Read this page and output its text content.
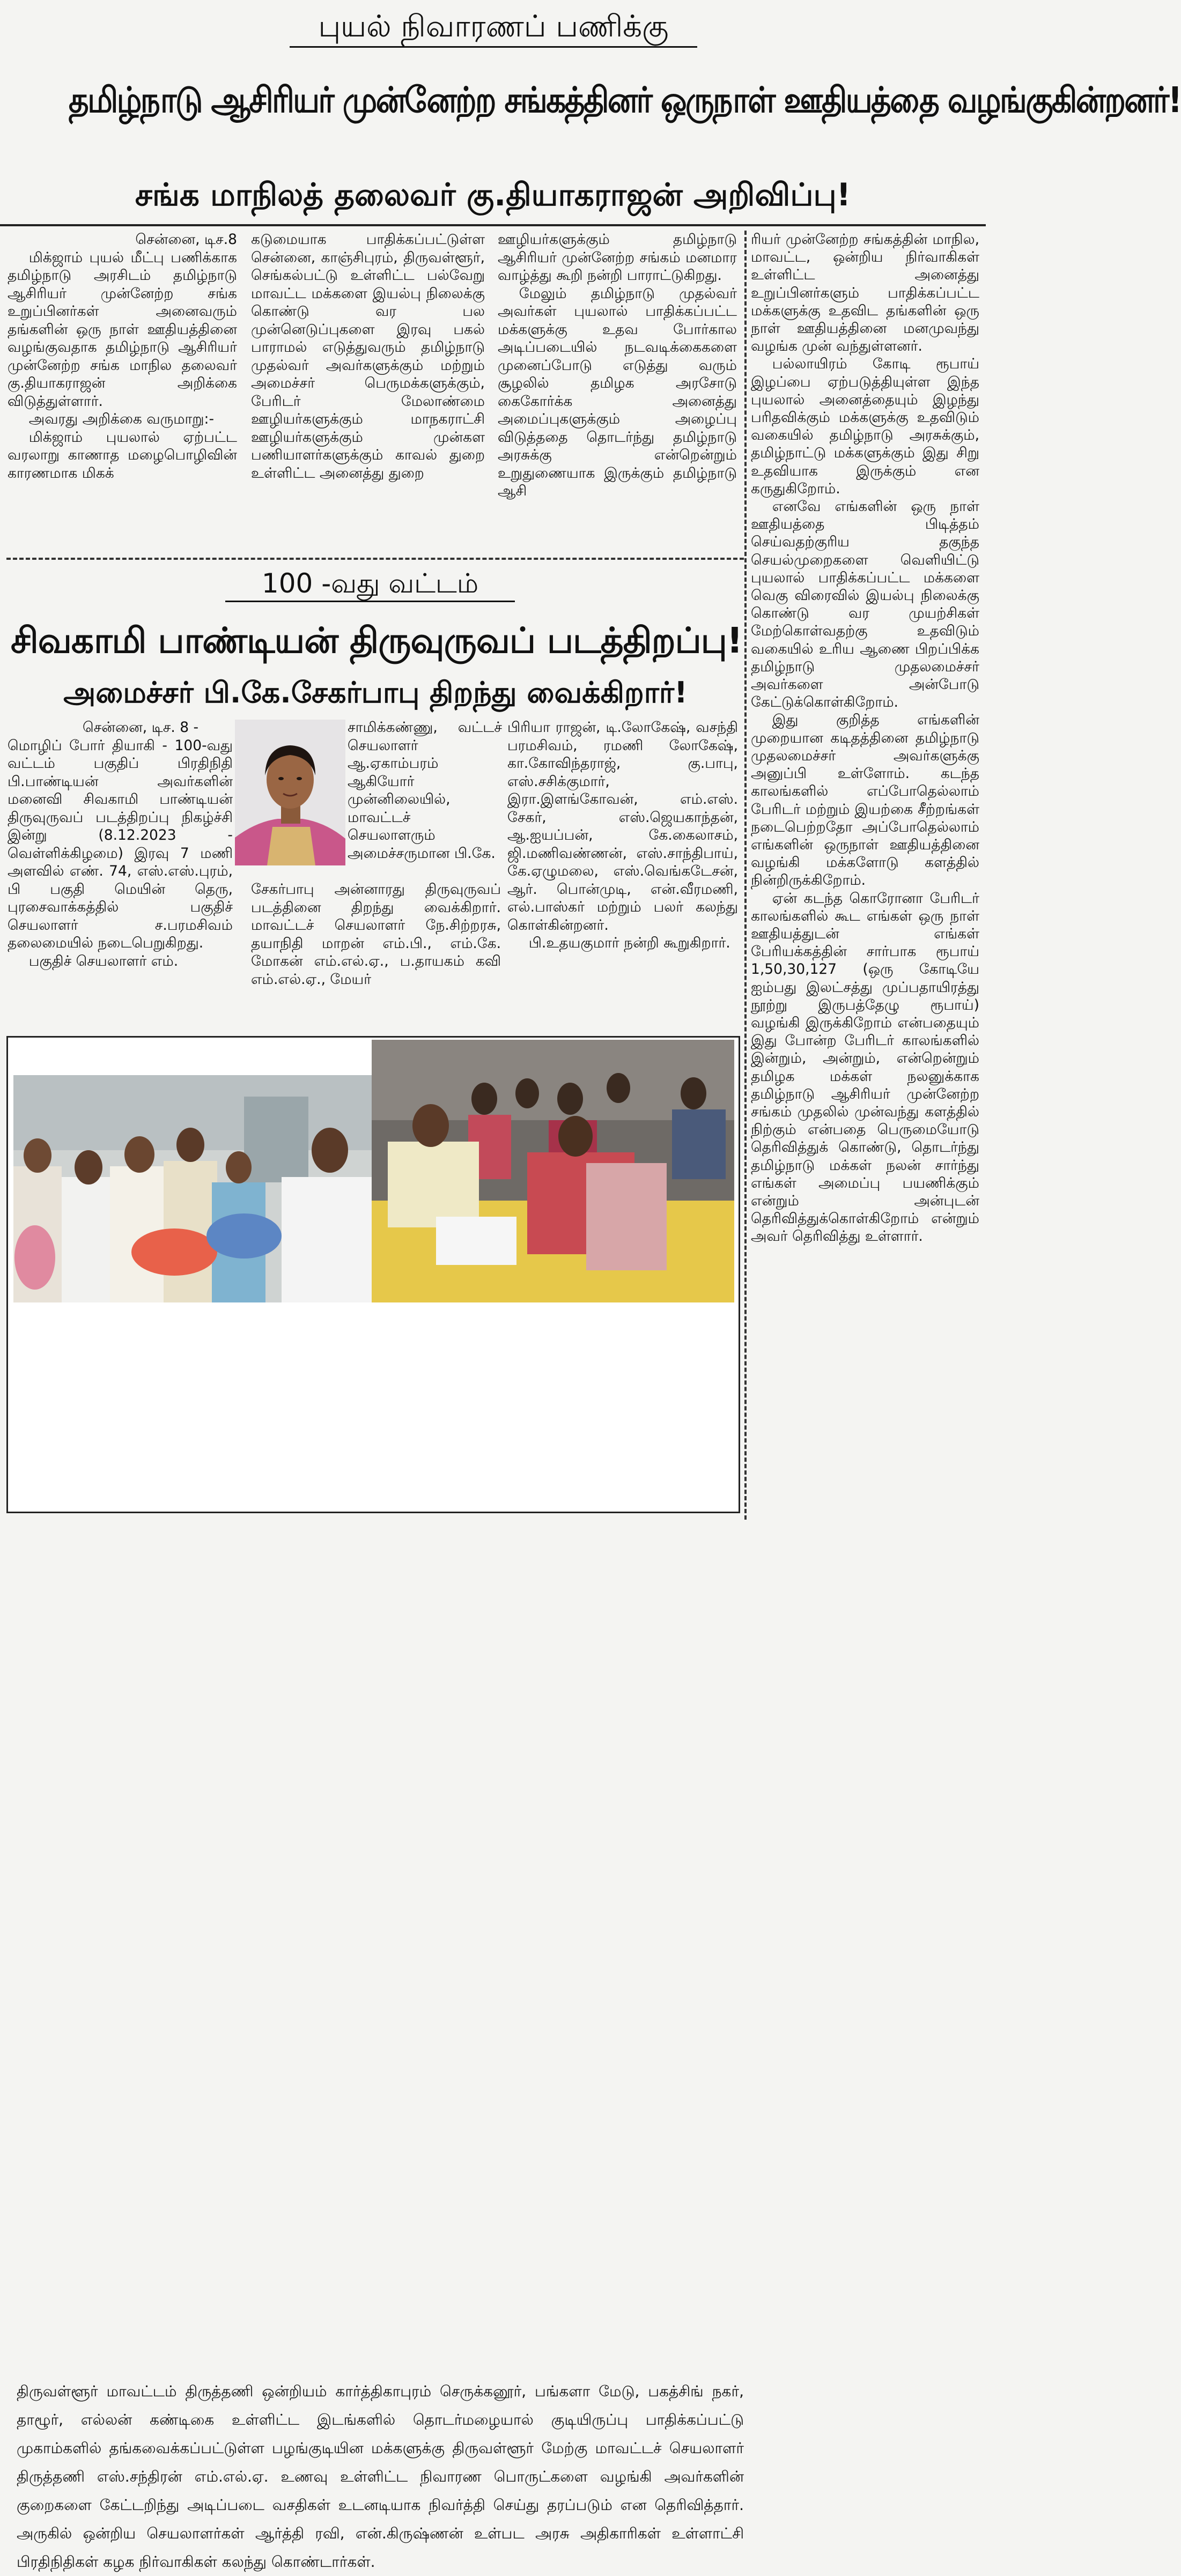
புயல் நிவாரணப் பணிக்கு
தமிழ்நாடு ஆசிரியர் முன்னேற்ற சங்கத்தினர் ஒருநாள் ஊதியத்தை வழங்குகின்றனர்!
சங்க மாநிலத் தலைவர் கு.தியாகராஜன் அறிவிப்பு!

சென்னை, டிச.8

மிக்ஜாம் புயல் மீட்பு பணிக்காக தமிழ்நாடு அரசிடம் தமிழ்நாடு ஆசிரியர் முன்னேற்ற சங்க உறுப்பினர்கள் அனைவரும் தங்களின் ஒரு நாள் ஊதியத்தினை வழங்குவதாக தமிழ்நாடு ஆசிரியர் முன்னேற்ற சங்க மாநில தலைவர் கு.தியாகராஜன் அறிக்கை விடுத்துள்ளார்.

அவரது அறிக்கை வருமாறு:-

மிக்ஜாம் புயலால் ஏற்பட்ட வரலாறு காணாத மழைபொழிவின் காரணமாக மிகக்

கடுமையாக பாதிக்கப்பட்டுள்ள சென்னை, காஞ்சிபுரம், திருவள்ளூர், செங்கல்பட்டு உள்ளிட்ட பல்வேறு மாவட்ட மக்களை இயல்பு நிலைக்கு கொண்டு வர பல முன்னெடுப்புகளை இரவு பகல் பாராமல் எடுத்துவரும் தமிழ்நாடு முதல்வர் அவர்களுக்கும் மற்றும் அமைச்சர் பெருமக்களுக்கும், பேரிடர் மேலாண்மை ஊழியர்களுக்கும் மாநகராட்சி ஊழியர்களுக்கும் முன்கள பணியாளர்களுக்கும் காவல் துறை உள்ளிட்ட அனைத்து துறை

ஊழியர்களுக்கும் தமிழ்நாடு ஆசிரியர் முன்னேற்ற சங்கம் மனமார வாழ்த்து கூறி நன்றி பாராட்டுகிறது.

மேலும் தமிழ்நாடு முதல்வர் அவர்கள் புயலால் பாதிக்கப்பட்ட மக்களுக்கு உதவ போர்கால அடிப்படையில் நடவடிக்கைகளை முனைப்போடு எடுத்து வரும் சூழலில் தமிழக அரசோடு கைகோர்க்க அனைத்து அமைப்புகளுக்கும் அழைப்பு விடுத்ததை தொடர்ந்து தமிழ்நாடு அரசுக்கு என்றென்றும் உறுதுணையாக இருக்கும் தமிழ்நாடு ஆசி

ரியர் முன்னேற்ற சங்கத்தின் மாநில, மாவட்ட, ஒன்றிய நிர்வாகிகள் உள்ளிட்ட அனைத்து உறுப்பினர்களும் பாதிக்கப்பட்ட மக்களுக்கு உதவிட தங்களின் ஒரு நாள் ஊதியத்தினை மனமுவந்து வழங்க முன் வந்துள்ளனர்.

பல்லாயிரம் கோடி ரூபாய் இழப்பை ஏற்படுத்தியுள்ள இந்த புயலால் அனைத்தையும் இழந்து பரிதவிக்கும் மக்களுக்கு உதவிடும் வகையில் தமிழ்நாடு அரசுக்கும், தமிழ்நாட்டு மக்களுக்கும் இது சிறு உதவியாக இருக்கும் என கருதுகிறோம்.

எனவே எங்களின் ஒரு நாள் ஊதியத்தை பிடித்தம் செய்வதற்குரிய தகுந்த செயல்முறைகளை வெளியிட்டு புயலால் பாதிக்கப்பட்ட மக்களை வெகு விரைவில் இயல்பு நிலைக்கு கொண்டு வர முயற்சிகள் மேற்கொள்வதற்கு உதவிடும் வகையில் உரிய ஆணை பிறப்பிக்க தமிழ்நாடு முதலமைச்சர் அவர்களை அன்போடு கேட்டுக்கொள்கிறோம்.

இது குறித்த எங்களின் முறையான கடிதத்தினை தமிழ்நாடு முதலமைச்சர் அவர்களுக்கு அனுப்பி உள்ளோம். கடந்த காலங்களில் எப்போதெல்லாம் பேரிடர் மற்றும் இயற்கை சீற்றங்கள் நடைபெற்றதோ அப்போதெல்லாம் எங்களின் ஒருநாள் ஊதியத்தினை வழங்கி மக்களோடு களத்தில் நின்றிருக்கிறோம்.

ஏன் கடந்த கொரோனா பேரிடர் காலங்களில் கூட எங்கள் ஒரு நாள் ஊதியத்துடன் எங்கள் பேரியக்கத்தின் சார்பாக ரூபாய் 1,50,30,127 (ஒரு கோடியே ஐம்பது இலட்சத்து முப்பதாயிரத்து நூற்று இருபத்தேழு ரூபாய்) வழங்கி இருக்கிறோம் என்பதையும் இது போன்ற பேரிடர் காலங்களில் இன்றும், அன்றும், என்றென்றும் தமிழக மக்கள் நலனுக்காக தமிழ்நாடு ஆசிரியர் முன்னேற்ற சங்கம் முதலில் முன்வந்து களத்தில் நிற்கும் என்பதை பெருமையோடு தெரிவித்துக் கொண்டு, தொடர்ந்து தமிழ்நாடு மக்கள் நலன் சார்ந்து எங்கள் அமைப்பு பயணிக்கும் என்றும் அன்புடன் தெரிவித்துக்கொள்கிறோம் என்றும் அவர் தெரிவித்து உள்ளார்.

100 -வது வட்டம்
சிவகாமி பாண்டியன் திருவுருவப் படத்திறப்பு!
அமைச்சர் பி.கே.சேகர்பாபு திறந்து வைக்கிறார்!

சென்னை, டிச. 8 -

மொழிப் போர் தியாகி - 100-வது வட்டம் பகுதிப் பிரதிநிதி பி.பாண்டியன் அவர்களின் மனைவி சிவகாமி பாண்டியன் திருவுருவப் படத்திறப்பு நிகழ்ச்சி இன்று (8.12.2023 - வெள்ளிக்கிழமை) இரவு 7 மணி அளவில் எண். 74, எஸ்.எஸ்.புரம், பி பகுதி மெயின் தெரு, புரசைவாக்கத்தில் பகுதிச் செயலாளர் ச.பரமசிவம் தலைமையில் நடைபெறுகிறது.

பகுதிச் செயலாளர் எம்.

சாமிக்கண்ணு, வட்டச் செயலாளர் ஆ.ஏகாம்பரம் ஆகியோர் முன்னிலையில், மாவட்டச் செயலாளரும் அமைச்சருமான பி.கே.

சேகர்பாபு அன்னாரது திருவுருவப் படத்தினை திறந்து வைக்கிறார். மாவட்டச் செயலாளர் நே.சிற்றரசு, தயாநிதி மாறன் எம்.பி., எம்.கே. மோகன் எம்.எல்.ஏ., ப.தாயகம் கவி எம்.எல்.ஏ., மேயர்

பிரியா ராஜன், டி.லோகேஷ், வசந்தி பரமசிவம், ரமணி லோகேஷ், கா.கோவிந்தராஜ், கு.பாபு, எஸ்.சசிக்குமார், இரா.இளங்கோவன், எம்.எஸ். சேகர், எஸ்.ஜெயகாந்தன், ஆ.ஐயப்பன், கே.கைலாசம், ஜி.மணிவண்ணன், எஸ்.சாந்திபாய், கே.ஏழுமலை, எஸ்.வெங்கடேசன், ஆர். பொன்முடி, என்.வீரமணி, எல்.பாஸ்கர் மற்றும் பலர் கலந்து கொள்கின்றனர்.

பி.உதயகுமார் நன்றி கூறுகிறார்.

திருவள்ளூர் மாவட்டம் திருத்தணி ஒன்றியம் கார்த்திகாபுரம் செருக்கனூர், பங்களா மேடு, பகத்சிங் நகர், தாழூர், எல்லன் கண்டிகை உள்ளிட்ட இடங்களில் தொடர்மழையால் குடியிருப்பு பாதிக்கப்பட்டு முகாம்களில் தங்கவைக்கப்பட்டுள்ள பழங்குடியின மக்களுக்கு திருவள்ளூர் மேற்கு மாவட்டச் செயலாளர் திருத்தணி எஸ்.சந்திரன் எம்.எல்.ஏ. உணவு உள்ளிட்ட நிவாரண பொருட்களை வழங்கி அவர்களின் குறைகளை கேட்டறிந்து அடிப்படை வசதிகள் உடனடியாக நிவர்த்தி செய்து தரப்படும் என தெரிவித்தார். அருகில் ஒன்றிய செயலாளர்கள் ஆர்த்தி ரவி, என்.கிருஷ்ணன் உள்பட அரசு அதிகாரிகள் உள்ளாட்சி பிரதிநிதிகள் கழக நிர்வாகிகள் கலந்து கொண்டார்கள்.
